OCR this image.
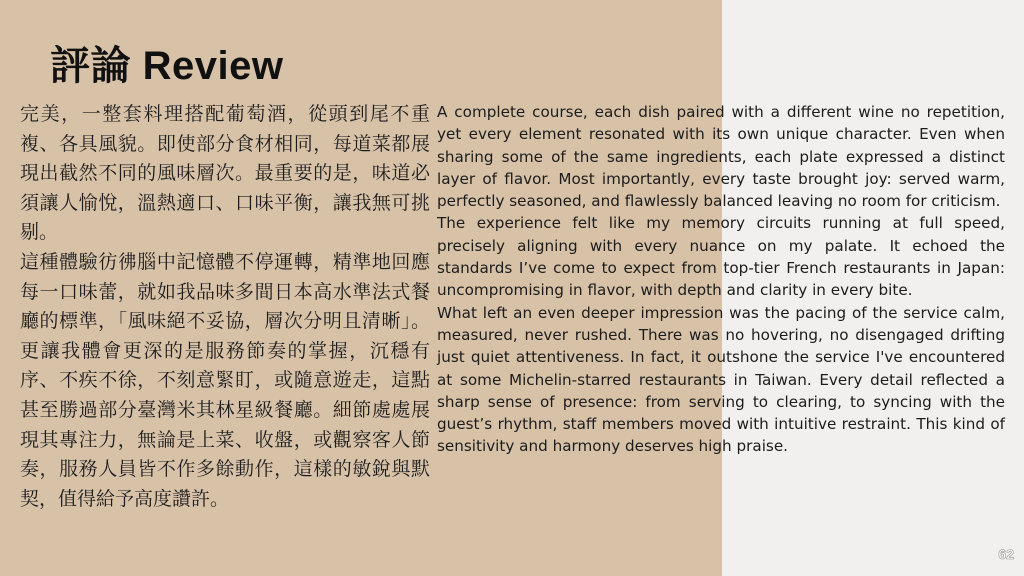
評論 Review

完美，一整套料理搭配葡萄酒，從頭到尾不重複、各具風貌。即使部分食材相同，每道菜都展現出截然不同的風味層次。最重要的是，味道必須讓人愉悅，溫熱適口、口味平衡，讓我無可挑剔。

這種體驗彷彿腦中記憶體不停運轉，精準地回應每一口味蕾，就如我品味多間日本高水準法式餐廳的標準，「風味絕不妥協，層次分明且清晰」。更讓我體會更深的是服務節奏的掌握，沉穩有序、不疾不徐，不刻意緊盯，或隨意遊走，這點甚至勝過部分臺灣米其林星級餐廳。細節處處展現其專注力，無論是上菜、收盤，或觀察客人節奏，服務人員皆不作多餘動作，這樣的敏銳與默契，值得給予高度讚許。

A complete course, each dish paired with a different wine no repetition, yet every element resonated with its own unique character. Even when sharing some of the same ingredients, each plate expressed a distinct layer of flavor. Most importantly, every taste brought joy: served warm, perfectly seasoned, and flawlessly balanced leaving no room for criticism.

The experience felt like my memory circuits running at full speed, precisely aligning with every nuance on my palate. It echoed the standards I’ve come to expect from top-tier French restaurants in Japan: uncompromising in flavor, with depth and clarity in every bite.

What left an even deeper impression was the pacing of the service calm, measured, never rushed. There was no hovering, no disengaged drifting just quiet attentiveness. In fact, it outshone the service I've encountered at some Michelin-starred restaurants in Taiwan. Every detail reflected a sharp sense of presence: from serving to clearing, to syncing with the guest’s rhythm, staff members moved with intuitive restraint. This kind of sensitivity and harmony deserves high praise.

62
